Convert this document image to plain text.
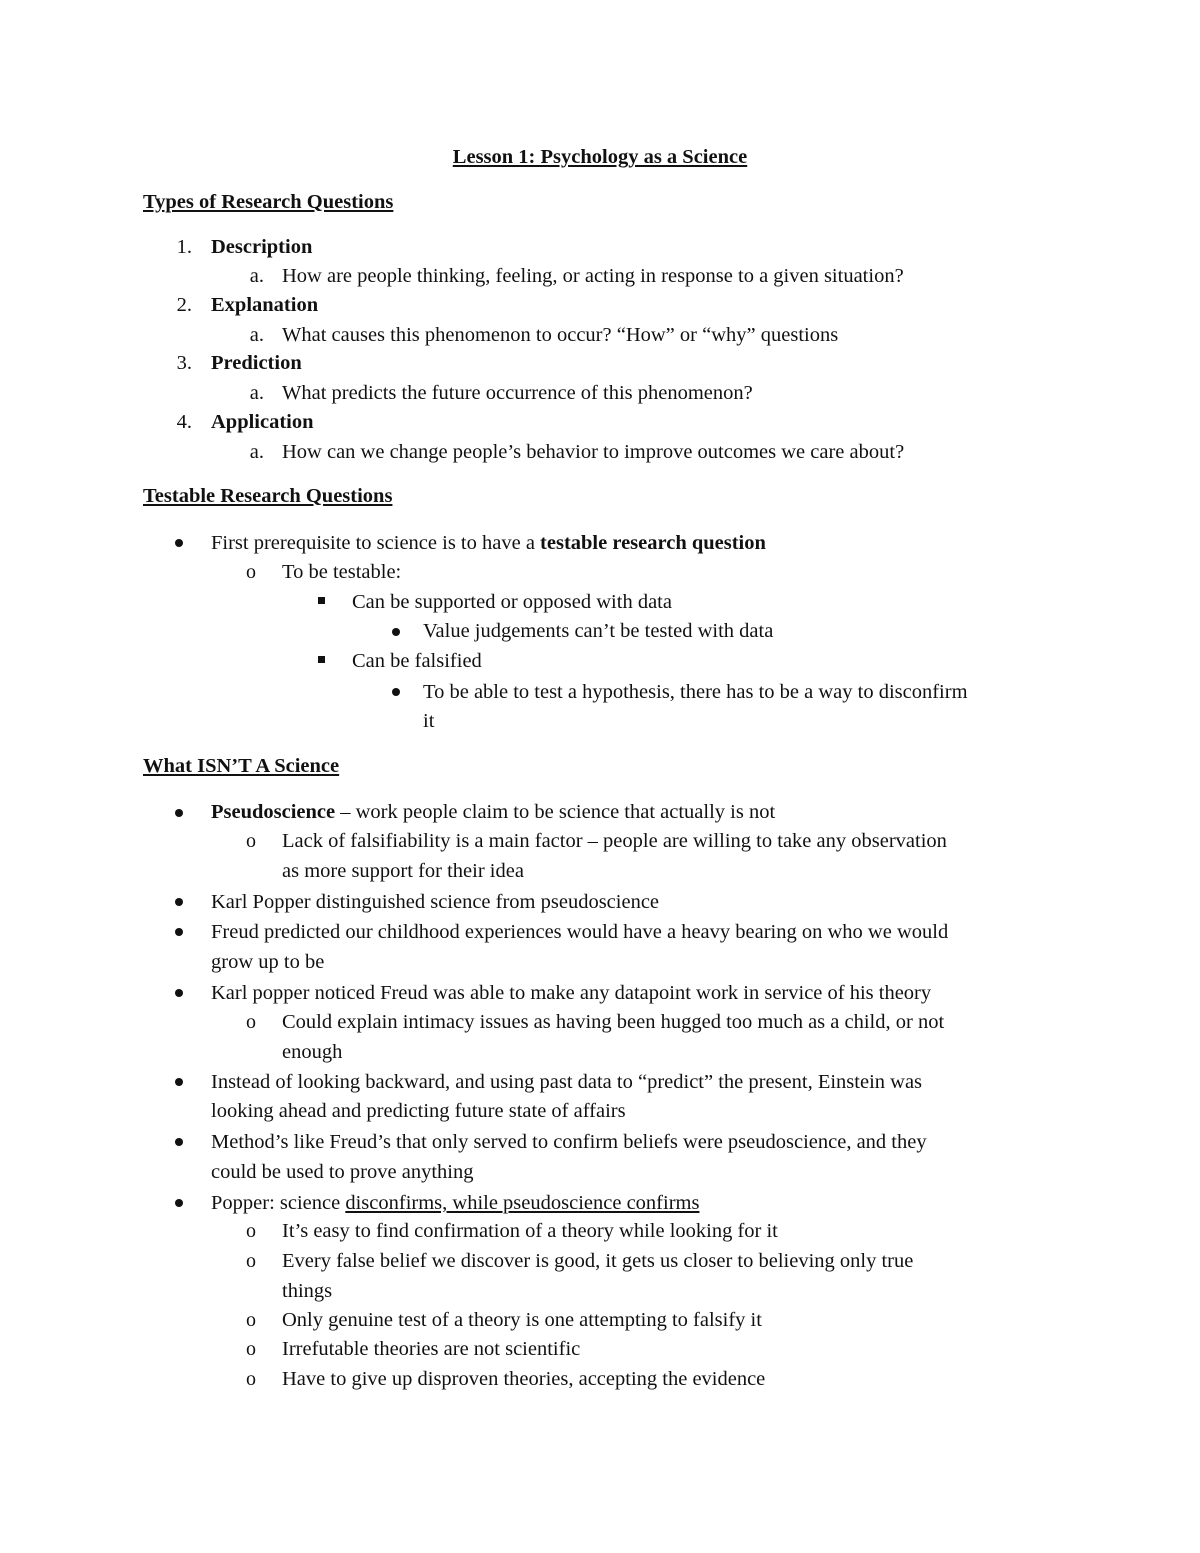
Lesson 1: Psychology as a Science
Types of Research Questions
1. Description
a. How are people thinking, feeling, or acting in response to a given situation?
2. Explanation
a. What causes this phenomenon to occur? “How” or “why” questions
3. Prediction
a. What predicts the future occurrence of this phenomenon?
4. Application
a. How can we change people’s behavior to improve outcomes we care about?
Testable Research Questions
First prerequisite to science is to have a testable research question
o To be testable:
Can be supported or opposed with data
Value judgements can’t be tested with data
Can be falsified
To be able to test a hypothesis, there has to be a way to disconfirm
it
What ISN’T A Science
Pseudoscience – work people claim to be science that actually is not
o Lack of falsifiability is a main factor – people are willing to take any observation
as more support for their idea
Karl Popper distinguished science from pseudoscience
Freud predicted our childhood experiences would have a heavy bearing on who we would
grow up to be
Karl popper noticed Freud was able to make any datapoint work in service of his theory
o Could explain intimacy issues as having been hugged too much as a child, or not
enough
Instead of looking backward, and using past data to “predict” the present, Einstein was
looking ahead and predicting future state of affairs
Method’s like Freud’s that only served to confirm beliefs were pseudoscience, and they
could be used to prove anything
Popper: science disconfirms, while pseudoscience confirms
o It’s easy to find confirmation of a theory while looking for it
o Every false belief we discover is good, it gets us closer to believing only true
things
o Only genuine test of a theory is one attempting to falsify it
o Irrefutable theories are not scientific
o Have to give up disproven theories, accepting the evidence
